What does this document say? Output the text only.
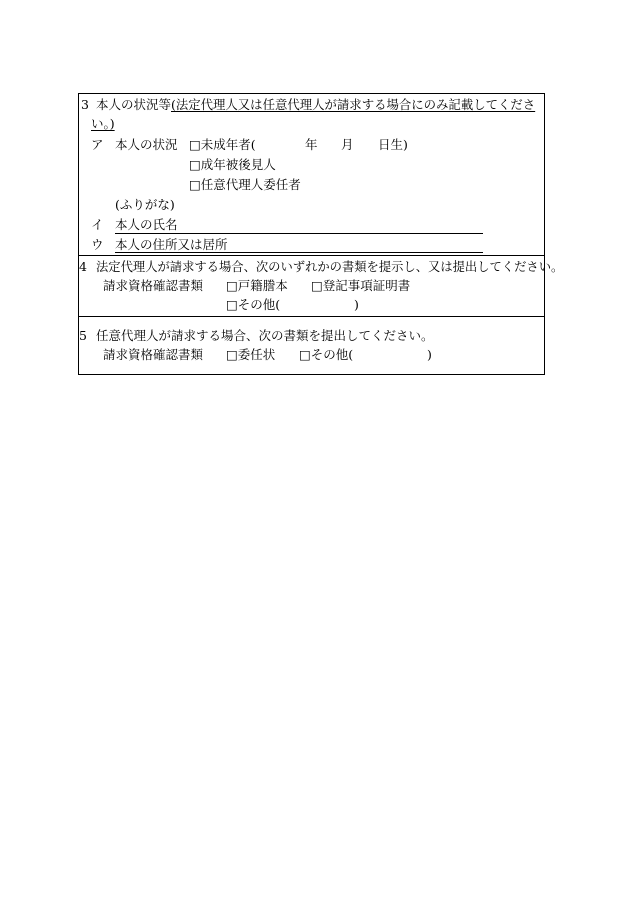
3 本人の状況等 (法定代理人又は任意代理人が請求する場合にのみ記載してくださ
い。)
ア 本人の状況 □未成年者(	年 月 日生)
□成年被後見人
□任意代理人委任者
(ふりがな)
イ 本人の氏名
ウ 本人の住所又は居所
4 法定代理人が請求する場合、次のいずれかの書類を提示し、又は提出してください。
請求資格確認書類 □戸籍謄本 □登記事項証明書
□その他(	)
5 任意代理人が請求する場合、次の書類を提出してください。
請求資格確認書類 □委任状 □その他(	)
